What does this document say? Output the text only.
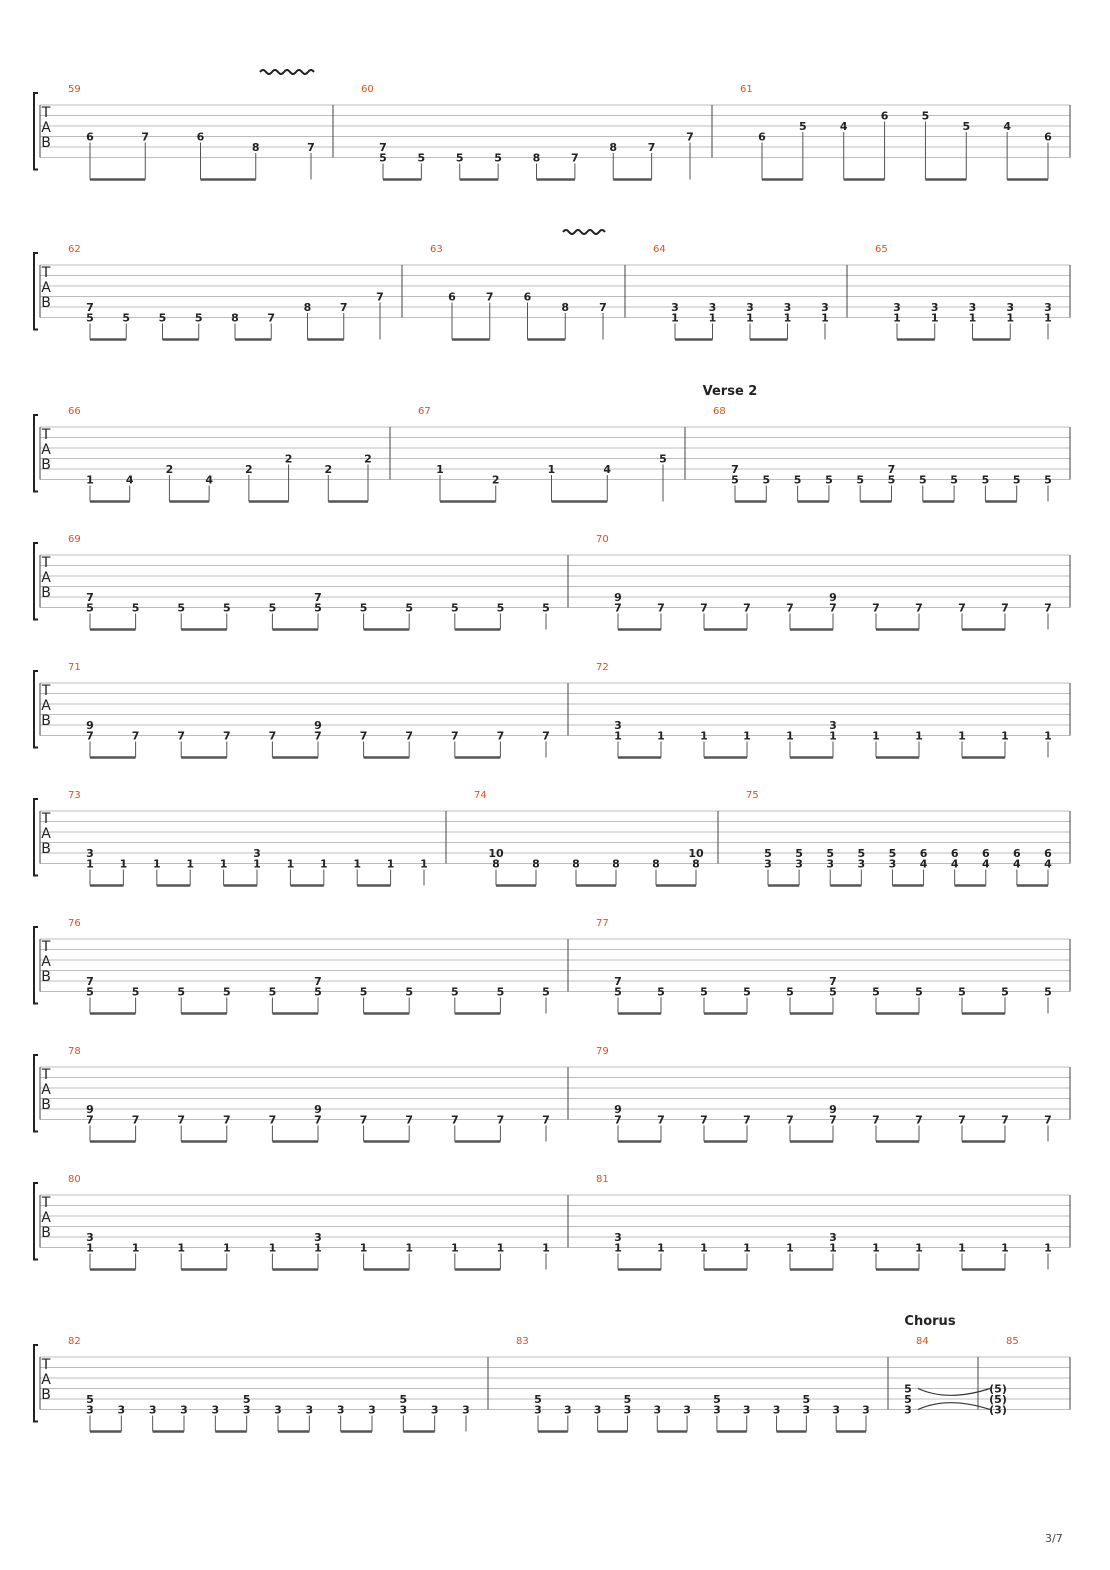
T
A
B
59
6	7	6
8	7
60
7
5	5	5	5	8	7
8	7
7
61
6
5	4
6	5
5	4
6
T
A
B
62
7
5	5	5	5	8	7
8	7
7
63
6	7	6
8	7
64
3
1
3
1
3
1
3
1
3
1
65
3
1
3
1
3
1
3
1
3
1
T
A
B
Verse 2
66
1	4
2
4
2
2
2
2
67
1
2
1	4
5
68
7
5 5 5 5 5
7
5 5 5 5 5 5
T
A
B
69
7
5	5	5	5	5
7
5	5	5	5	5	5
70
9
7	7	7	7	7
9
7	7	7	7	7	7
T
A
B
71
9
7	7	7	7	7
9
7	7	7	7	7	7
72
3
1	1	1	1	1
3
1	1	1	1	1	1
T
A
B
73
3
1 1 1 1 1
3
1 1 1 1 1 1
74
10
8	8	8	8	8
10
8
75
5
3
5
3
5
3
5
3
5
3
6
4
6
4
6
4
6
4
6
4
T
A
B
76
7
5	5	5	5	5
7
5	5	5	5	5	5
77
7
5	5	5	5	5
7
5	5	5	5	5	5
T
A
B
78
9
7	7	7	7	7
9
7	7	7	7	7	7
79
9
7	7	7	7	7
9
7	7	7	7	7	7
T
A
B
80
3
1	1	1	1	1
3
1	1	1	1	1	1
81
3
1	1	1	1	1
3
1	1	1	1	1	1
T
A
B
Chorus
82
5
3 3 3 3 3
5
3 3 3 3 3
5
3 3 3
83
5
3 3 3
5
3 3 3
5
3 3 3
5
3 3 3
84
5
5
3
85
(5)
(5)
(3)
3/7
